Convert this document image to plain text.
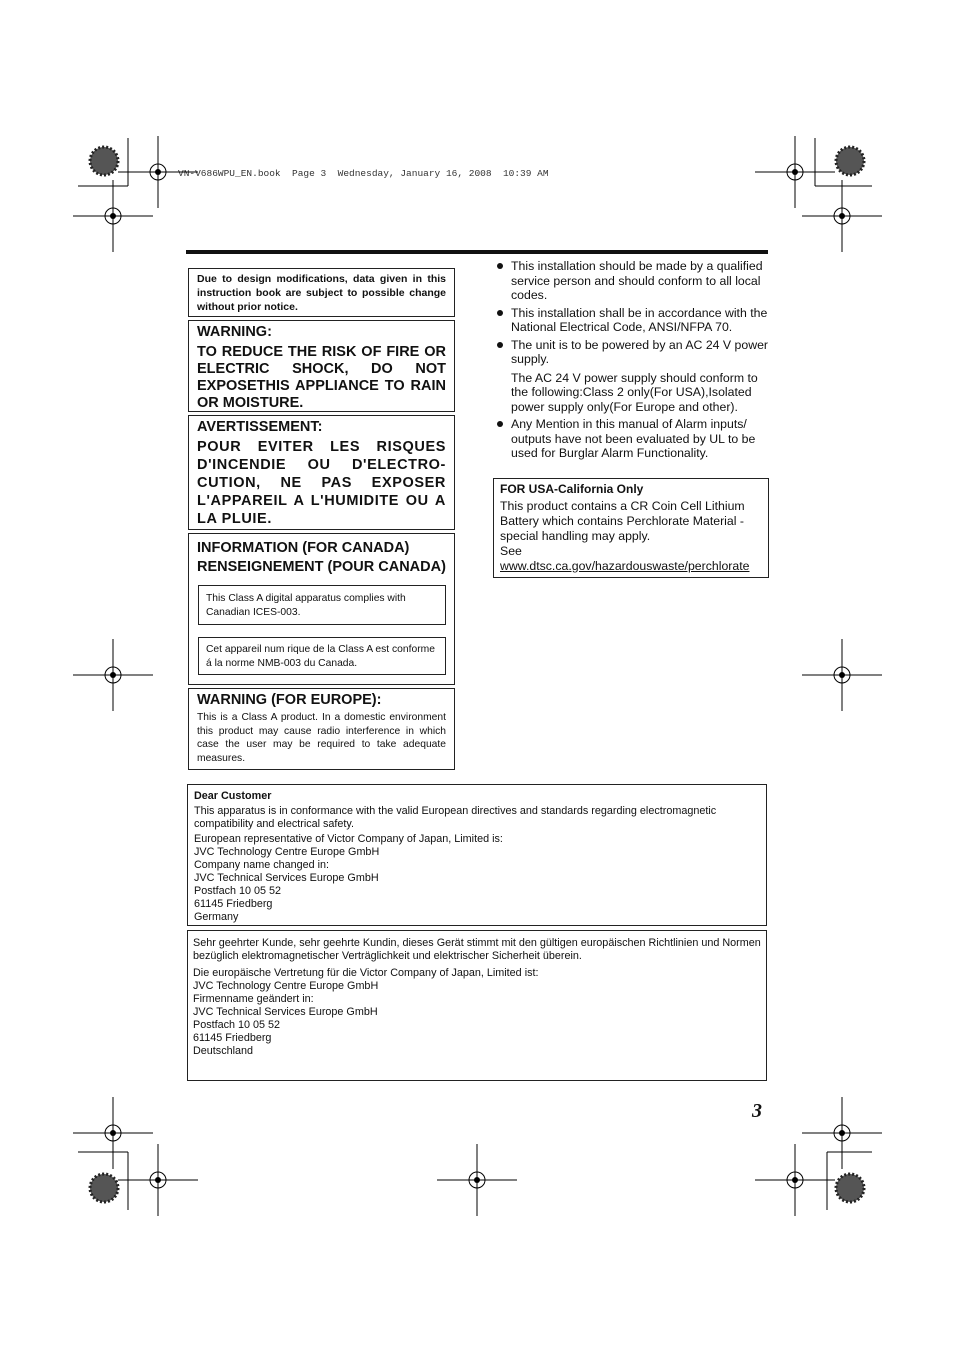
VN-V686WPU_EN.book  Page 3  Wednesday, January 16, 2008  10:39 AM
Due to design modifications, data given in this instruction book are subject to possible change without prior notice.
WARNING:
TO REDUCE THE RISK OF FIRE OR ELECTRIC SHOCK, DO NOT EXPOSETHIS APPLIANCE TO RAIN OR MOISTURE.
AVERTISSEMENT:
POUR EVITER LES RISQUES D'INCENDIE OU D'ELECTRO-CUTION, NE PAS EXPOSER L'APPAREIL A L'HUMIDITE OU A LA PLUIE.
INFORMATION (FOR CANADA)
RENSEIGNEMENT (POUR CANADA)
This Class A digital apparatus complies with Canadian ICES-003.
Cet appareil num rique de la Class A est conforme á la norme NMB-003 du Canada.
WARNING (FOR EUROPE):
This is a Class A product. In a domestic environment this product may cause radio interference in which case the user may be required to take adequate measures.
This installation should be made by a qualified service person and should conform to all local codes.
This installation shall be in accordance with the National Electrical Code, ANSI/NFPA 70.
The unit is to be powered by an AC 24 V power supply.
The AC 24 V power supply should conform to the following:Class 2 only(For USA),Isolated power supply only(For Europe and other).
Any Mention in this manual of Alarm inputs/ outputs have not been evaluated by UL to be used for Burglar Alarm Functionality.
FOR USA-California Only
This product contains a CR Coin Cell Lithium Battery which contains Perchlorate Material - special handling may apply.
See
www.dtsc.ca.gov/hazardouswaste/perchlorate

Dear Customer

This apparatus is in conformance with the valid European directives and standards regarding electromagnetic compatibility and electrical safety.

European representative of Victor Company of Japan, Limited is:

JVC Technology Centre Europe GmbH

Company name changed in:

JVC Technical Services Europe GmbH

Postfach 10 05 52

61145 Friedberg

Germany

Sehr geehrter Kunde, sehr geehrte Kundin, dieses Gerät stimmt mit den gültigen europäischen Richtlinien und Normen bezüglich elektromagnetischer Verträglichkeit und elektrischer Sicherheit überein.

Die europäische Vertretung für die Victor Company of Japan, Limited ist:

JVC Technology Centre Europe GmbH

Firmenname geändert in:

JVC Technical Services Europe GmbH

Postfach 10 05 52

61145 Friedberg

Deutschland

3
